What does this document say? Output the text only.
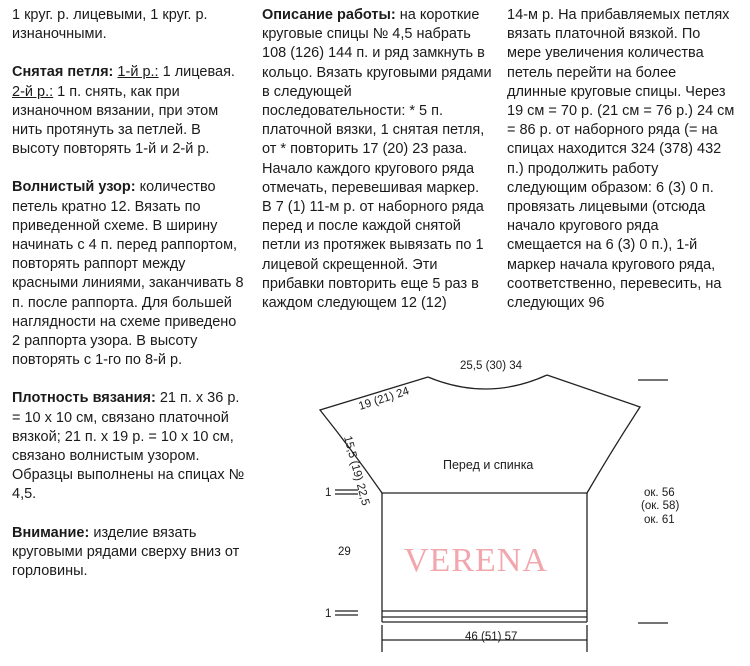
1 круг. р. лицевыми, 1 круг. р. изнаночными.

Снятая петля: 1-й р.: 1 лицевая. 2-й р.: 1 п. снять, как при изнаночном вязании, при этом нить протянуть за петлей. В высоту повторять 1-й и 2-й р.

Волнистый узор: количество петель кратно 12. Вязать по приведенной схеме. В ширину начинать с 4 п. перед раппортом, повторять раппорт между красными линиями, заканчивать 8 п. после раппорта. Для большей наглядности на схеме приведено 2 раппорта узора. В высоту повторять с 1-го по 8-й р.

Плотность вязания: 21 п. х 36 р. = 10 х 10 см, связано платочной вязкой; 21 п. х 19 р. = 10 х 10 см, связано волнистым узором. Образцы выполнены на спицах № 4,5.

Внимание: изделие вязать круговыми рядами сверху вниз от горловины.

Описание работы: на короткие круговые спицы № 4,5 набрать 108 (126) 144 п. и ряд замкнуть в кольцо. Вязать круговыми рядами в следующей последовательности: * 5 п. платочной вязки, 1 снятая петля, от * повторить 17 (20) 23 раза. Начало каждого кругового ряда отмечать, перевешивая маркер. В 7 (1) 11-м р. от наборного ряда перед и после каждой снятой петли из протяжек вывязать по 1 лицевой скрещенной. Эти прибавки повторить еще 5 раз в каждом следующем 12 (12)

14-м р. На прибавляемых петлях вязать платочной вязкой. По мере увеличения количества петель перейти на более длинные круговые спицы. Через 19 см = 70 р. (21 см = 76 р.) 24 см = 86 р. от наборного ряда (= на спицах находится 324 (378) 432 п.) продолжить работу следующим образом: 6 (3) 0 п. провязать лицевыми (отсюда начало кругового ряда смещается на 6 (3) 0 п.), 1-й маркер начала кругового ряда, соответственно, перевесить, на следующих 96

25,5 (30) 34
19 (21) 24
15,5 (19) 22,5	Перед и спинка
29
46 (51) 57
ок. 56
(ок. 58)
ок. 61
1
1
VERENA
